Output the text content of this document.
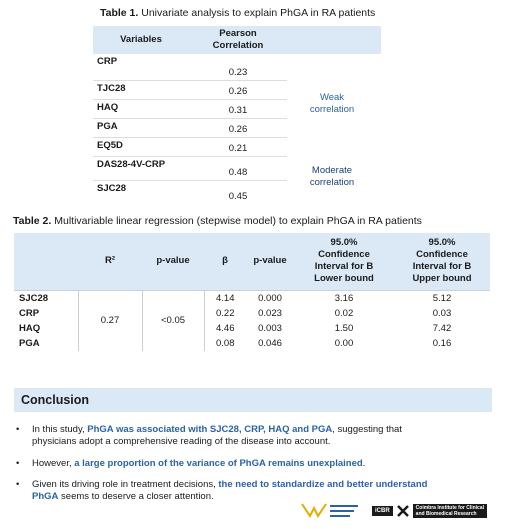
Table 1. Univariate analysis to explain PhGA in RA patients
Variables	Pearson
Correlation	
CRP	0.23	
TJC28	0.26	
HAQ	0.31	
PGA	0.26	
EQ5D	0.21	
DAS28-4V-CRP	0.48	
SJC28	0.45	
Weak
correlation
Moderate
correlation
Table 2. Multivariable linear regression (stepwise model) to explain PhGA in RA patients
	R²	p-value	β	p-value	95.0%
Confidence
Interval for B
Lower bound	95.0%
Confidence
Interval for B
Upper bound
SJC28	0.27	<0.05	4.14	0.000	3.16	5.12
CRP			0.22	0.023	0.02	0.03
HAQ			4.46	0.003	1.50	7.42
PGA			0.08	0.046	0.00	0.16
Conclusion
• In this study, PhGA was associated with SJC28, CRP, HAQ and PGA, suggesting that
physicians adopt a comprehensive reading of the disease into account.
• However, a large proportion of the variance of PhGA remains unexplained.
• Given its driving role in treatment decisions, the need to standardize and better understand
PhGA seems to deserve a closer attention.
iCBR	Coimbra Institute for Clinical
and Biomedical Research
